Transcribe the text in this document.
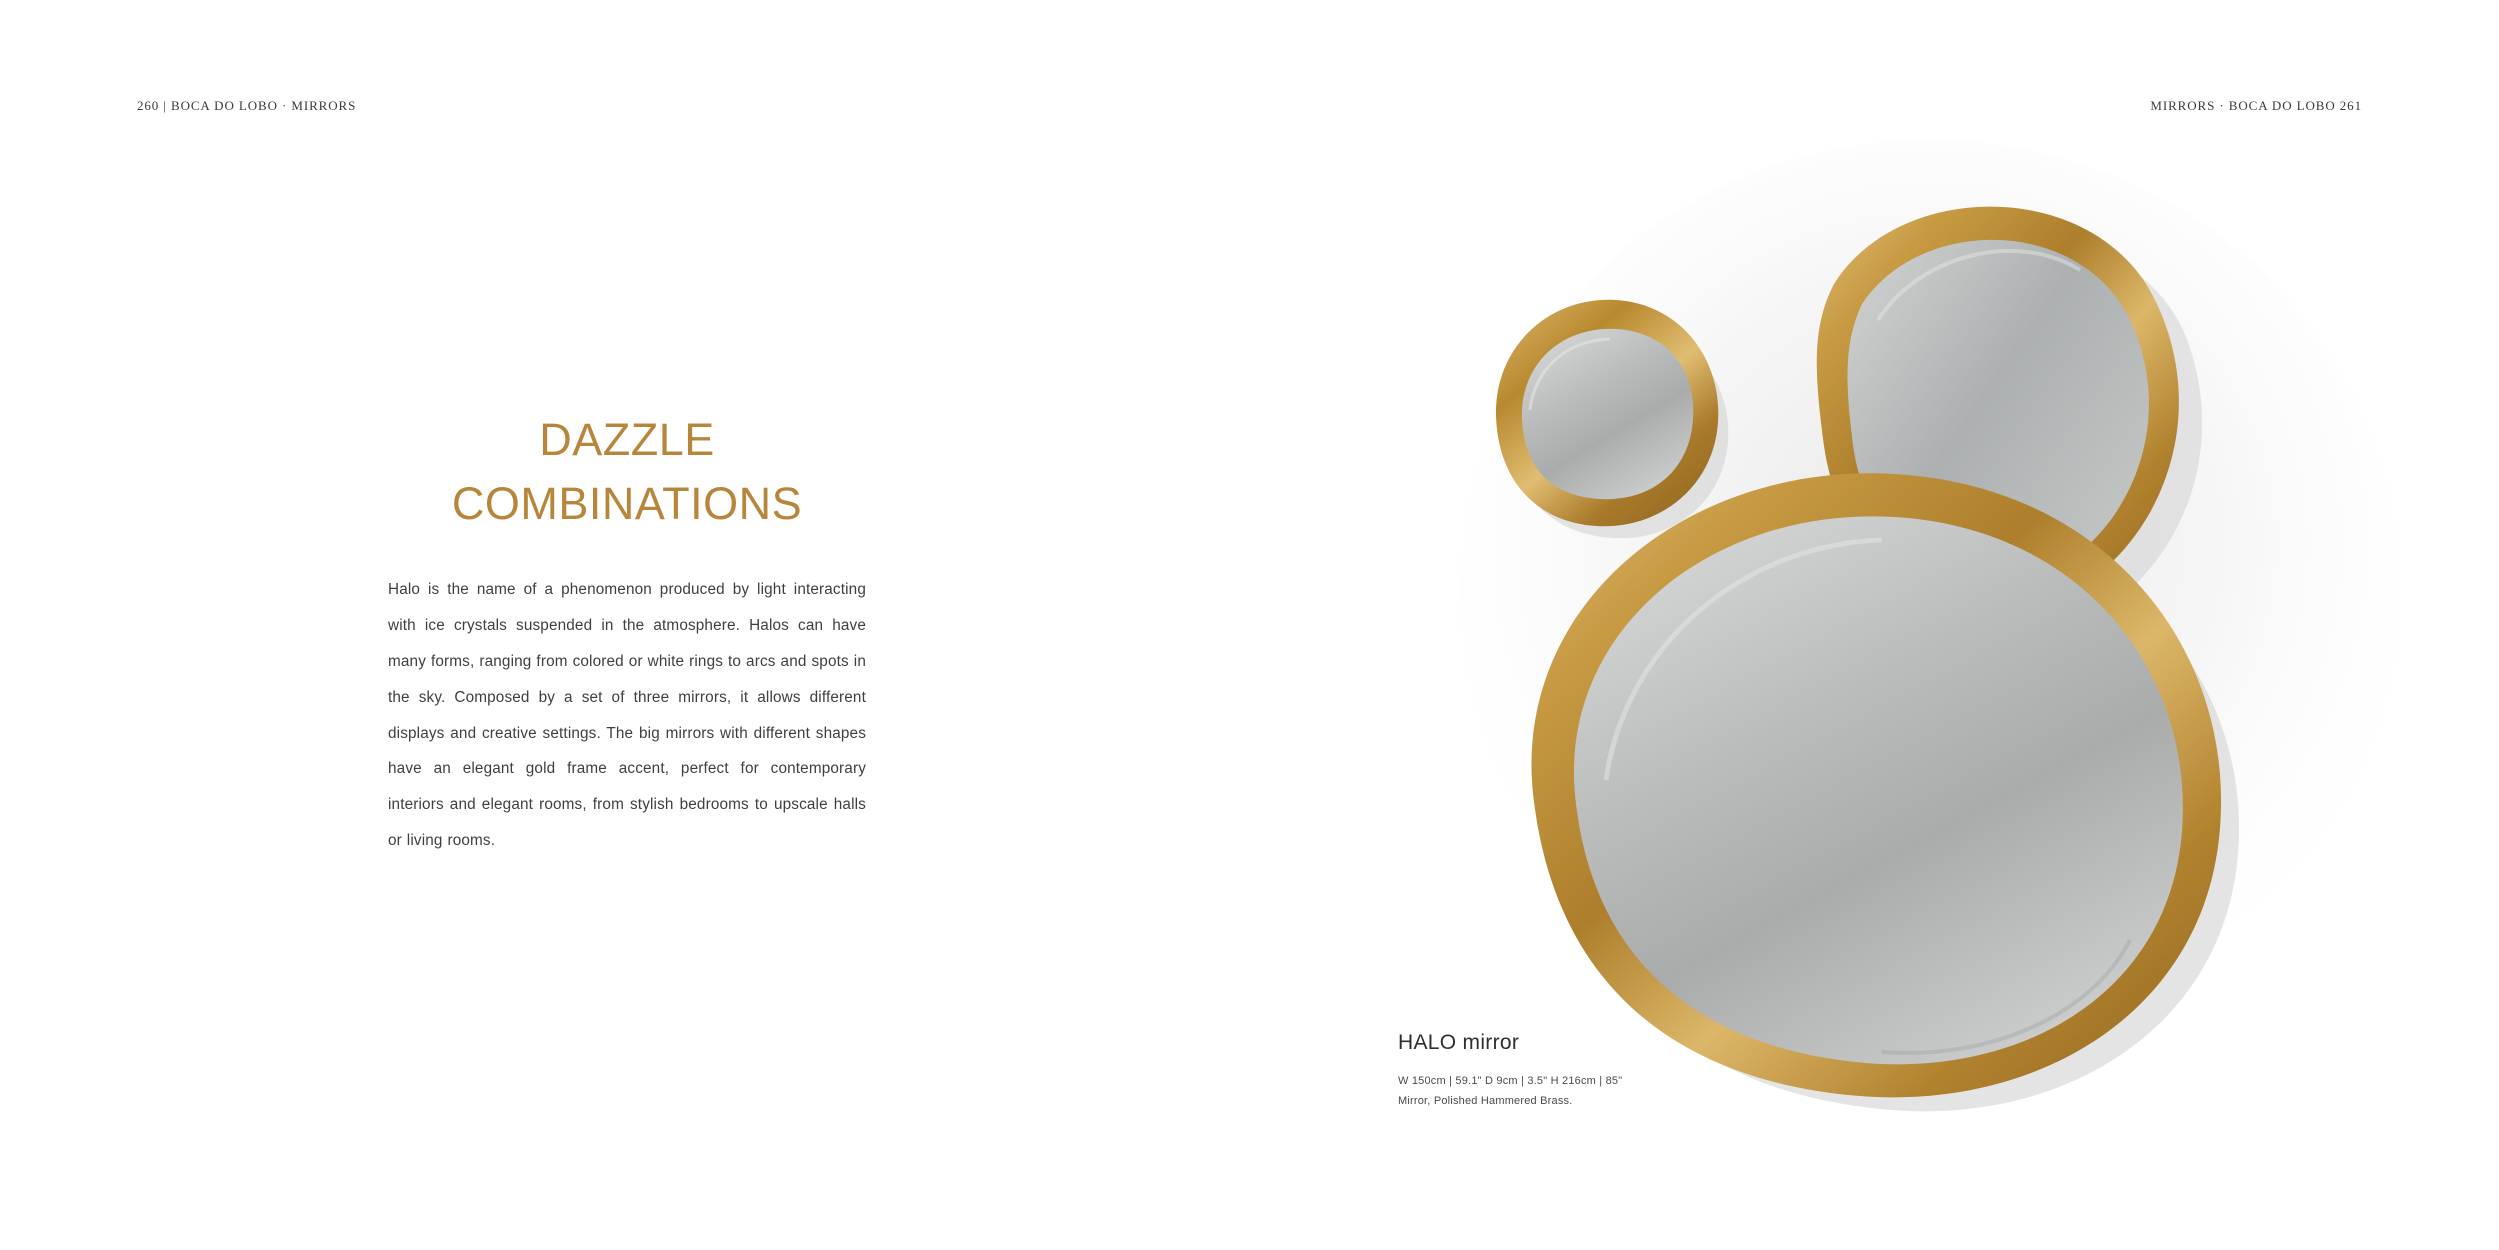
260 | BOCA DO LOBO · MIRRORS	MIRRORS · BOCA DO LOBO 261
DAZZLE
COMBINATIONS

Halo is the name of a phenomenon produced by light interacting with ice crystals suspended in the atmosphere. Halos can have many forms, ranging from colored or white rings to arcs and spots in the sky. Composed by a set of three mirrors, it allows different displays and creative settings. The big mirrors with different shapes have an elegant gold frame accent, perfect for contemporary interiors and elegant rooms, from stylish bedrooms to upscale halls or living rooms.

HALO mirror
W 150cm | 59.1" D 9cm | 3.5" H 216cm | 85"
Mirror, Polished Hammered Brass.
